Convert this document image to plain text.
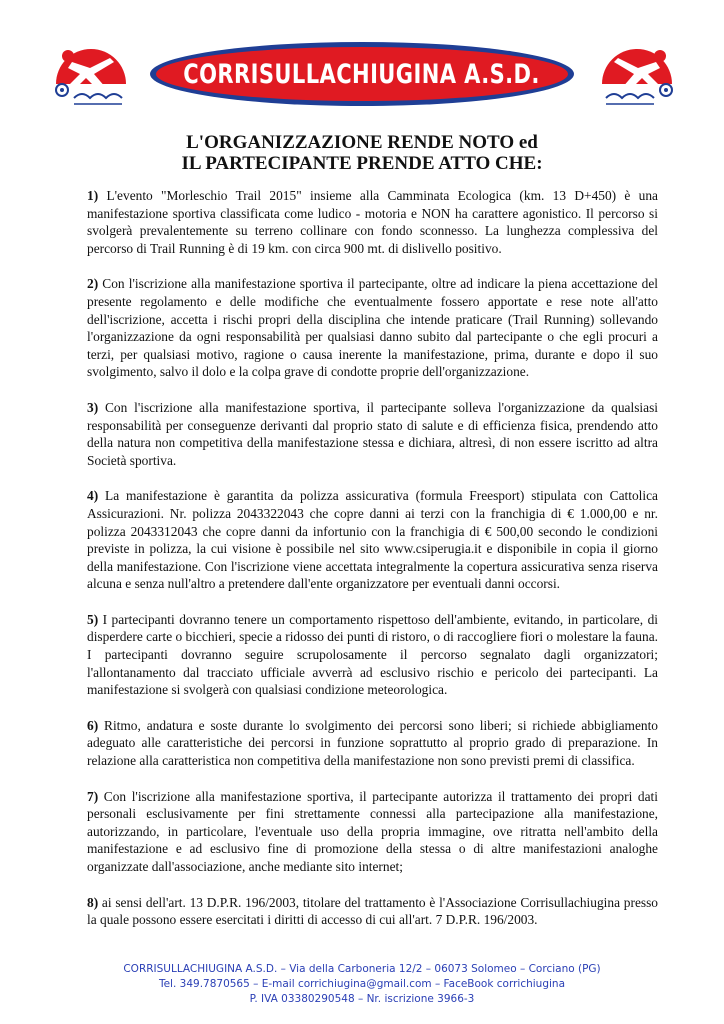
CORRISULLACHIUGINA A.S.D.
L'ORGANIZZAZIONE RENDE NOTO ed
IL PARTECIPANTE PRENDE ATTO CHE:

1) L'evento "Morleschio Trail 2015" insieme alla Camminata Ecologica (km. 13 D+450) è una manifestazione sportiva classificata come ludico - motoria e NON ha carattere agonistico. Il percorso si svolgerà prevalentemente su terreno collinare con fondo sconnesso. La lunghezza complessiva del percorso di Trail Running è di 19 km. con circa 900 mt. di dislivello positivo.

2) Con l'iscrizione alla manifestazione sportiva il partecipante, oltre ad indicare la piena accettazione del presente regolamento e delle modifiche che eventualmente fossero apportate e rese note all'atto dell'iscrizione, accetta i rischi propri della disciplina che intende praticare (Trail Running) sollevando l'organizzazione da ogni responsabilità per qualsiasi danno subito dal partecipante o che egli procuri a terzi, per qualsiasi motivo, ragione o causa inerente la manifestazione, prima, durante e dopo il suo svolgimento, salvo il dolo e la colpa grave di condotte proprie dell'organizzazione.

3) Con l'iscrizione alla manifestazione sportiva, il partecipante solleva l'organizzazione da qualsiasi responsabilità per conseguenze derivanti dal proprio stato di salute e di efficienza fisica, prendendo atto della natura non competitiva della manifestazione stessa e dichiara, altresì, di non essere iscritto ad altra Società sportiva.

4) La manifestazione è garantita da polizza assicurativa (formula Freesport) stipulata con Cattolica Assicurazioni. Nr. polizza 2043322043 che copre danni ai terzi con la franchigia di € 1.000,00 e nr. polizza 2043312043 che copre danni da infortunio con la franchigia di € 500,00 secondo le condizioni previste in polizza, la cui visione è possibile nel sito www.csiperugia.it e disponibile in copia il giorno della manifestazione. Con l'iscrizione viene accettata integralmente la copertura assicurativa senza riserva alcuna e senza null'altro a pretendere dall'ente organizzatore per eventuali danni occorsi.

5) I partecipanti dovranno tenere un comportamento rispettoso dell'ambiente, evitando, in particolare, di disperdere carte o bicchieri, specie a ridosso dei punti di ristoro, o di raccogliere fiori o molestare la fauna. I partecipanti dovranno seguire scrupolosamente il percorso segnalato dagli organizzatori; l'allontanamento dal tracciato ufficiale avverrà ad esclusivo rischio e pericolo dei partecipanti. La manifestazione si svolgerà con qualsiasi condizione meteorologica.

6) Ritmo, andatura e soste durante lo svolgimento dei percorsi sono liberi; si richiede abbigliamento adeguato alle caratteristiche dei percorsi in funzione soprattutto al proprio grado di preparazione. In relazione alla caratteristica non competitiva della manifestazione non sono previsti premi di classifica.

7) Con l'iscrizione alla manifestazione sportiva, il partecipante autorizza il trattamento dei propri dati personali esclusivamente per fini strettamente connessi alla partecipazione alla manifestazione, autorizzando, in particolare, l'eventuale uso della propria immagine, ove ritratta nell'ambito della manifestazione e ad esclusivo fine di promozione della stessa o di altre manifestazioni analoghe organizzate dall'associazione, anche mediante sito internet;

8) ai sensi dell'art. 13 D.P.R. 196/2003, titolare del trattamento è l'Associazione Corrisullachiugina presso la quale possono essere esercitati i diritti di accesso di cui all'art. 7 D.P.R. 196/2003.

CORRISULLACHIUGINA A.S.D. – Via della Carboneria 12/2 – 06073 Solomeo – Corciano (PG)
Tel. 349.7870565 – E-mail corrichiugina@gmail.com – FaceBook corrichiugina
P. IVA 03380290548 – Nr. iscrizione 3966-3
